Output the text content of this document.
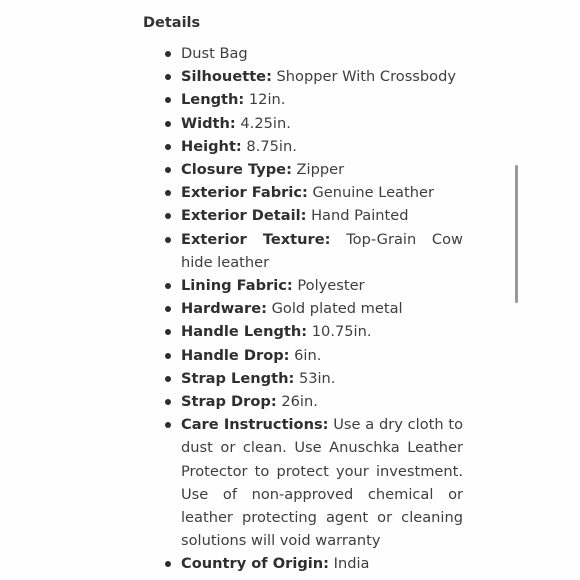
Details
Dust Bag
Silhouette: Shopper With Crossbody
Length: 12in.
Width: 4.25in.
Height: 8.75in.
Closure Type: Zipper
Exterior Fabric: Genuine Leather
Exterior Detail: Hand Painted
Exterior Texture: Top-Grain Cow hide leather
Lining Fabric: Polyester
Hardware: Gold plated metal
Handle Length: 10.75in.
Handle Drop: 6in.
Strap Length: 53in.
Strap Drop: 26in.
Care Instructions: Use a dry cloth to dust or clean. Use Anuschka Leather Protector to protect your investment. Use of non-approved chemical or leather protecting agent or cleaning solutions will void warranty
Country of Origin: India
